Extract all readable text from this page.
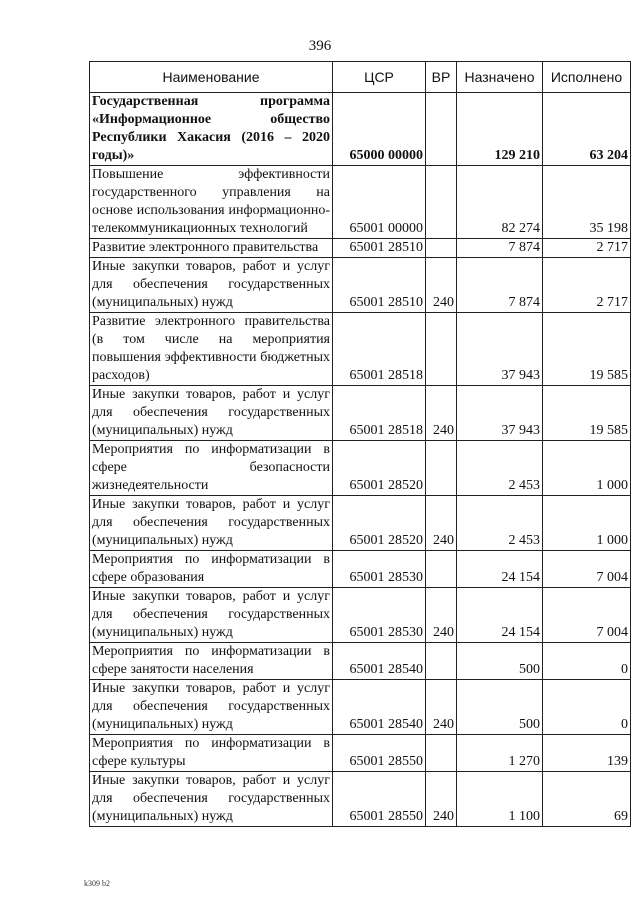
396
Наименование	ЦСР	ВР	Назначено	Исполнено
Государственная программа «Информационное общество Республики Хакасия (2016 – 2020 годы)»	65000 00000		129 210	63 204
Повышение эффективности государственного управления на основе использования информационно-телекоммуникационных технологий	65001 00000		82 274	35 198
Развитие электронного правительства	65001 28510		7 874	2 717
Иные закупки товаров, работ и услуг для обеспечения государственных (муниципальных) нужд	65001 28510	240	7 874	2 717
Развитие электронного правительства (в том числе на мероприятия повышения эффективности бюджетных расходов)	65001 28518		37 943	19 585
Иные закупки товаров, работ и услуг для обеспечения государственных (муниципальных) нужд	65001 28518	240	37 943	19 585
Мероприятия по информатизации в сфере безопасности жизнедеятельности	65001 28520		2 453	1 000
Иные закупки товаров, работ и услуг для обеспечения государственных (муниципальных) нужд	65001 28520	240	2 453	1 000
Мероприятия по информатизации в сфере образования	65001 28530		24 154	7 004
Иные закупки товаров, работ и услуг для обеспечения государственных (муниципальных) нужд	65001 28530	240	24 154	7 004
Мероприятия по информатизации в сфере занятости населения	65001 28540		500	0
Иные закупки товаров, работ и услуг для обеспечения государственных (муниципальных) нужд	65001 28540	240	500	0
Мероприятия по информатизации в сфере культуры	65001 28550		1 270	139
Иные закупки товаров, работ и услуг для обеспечения государственных (муниципальных) нужд	65001 28550	240	1 100	69
k309 b2
